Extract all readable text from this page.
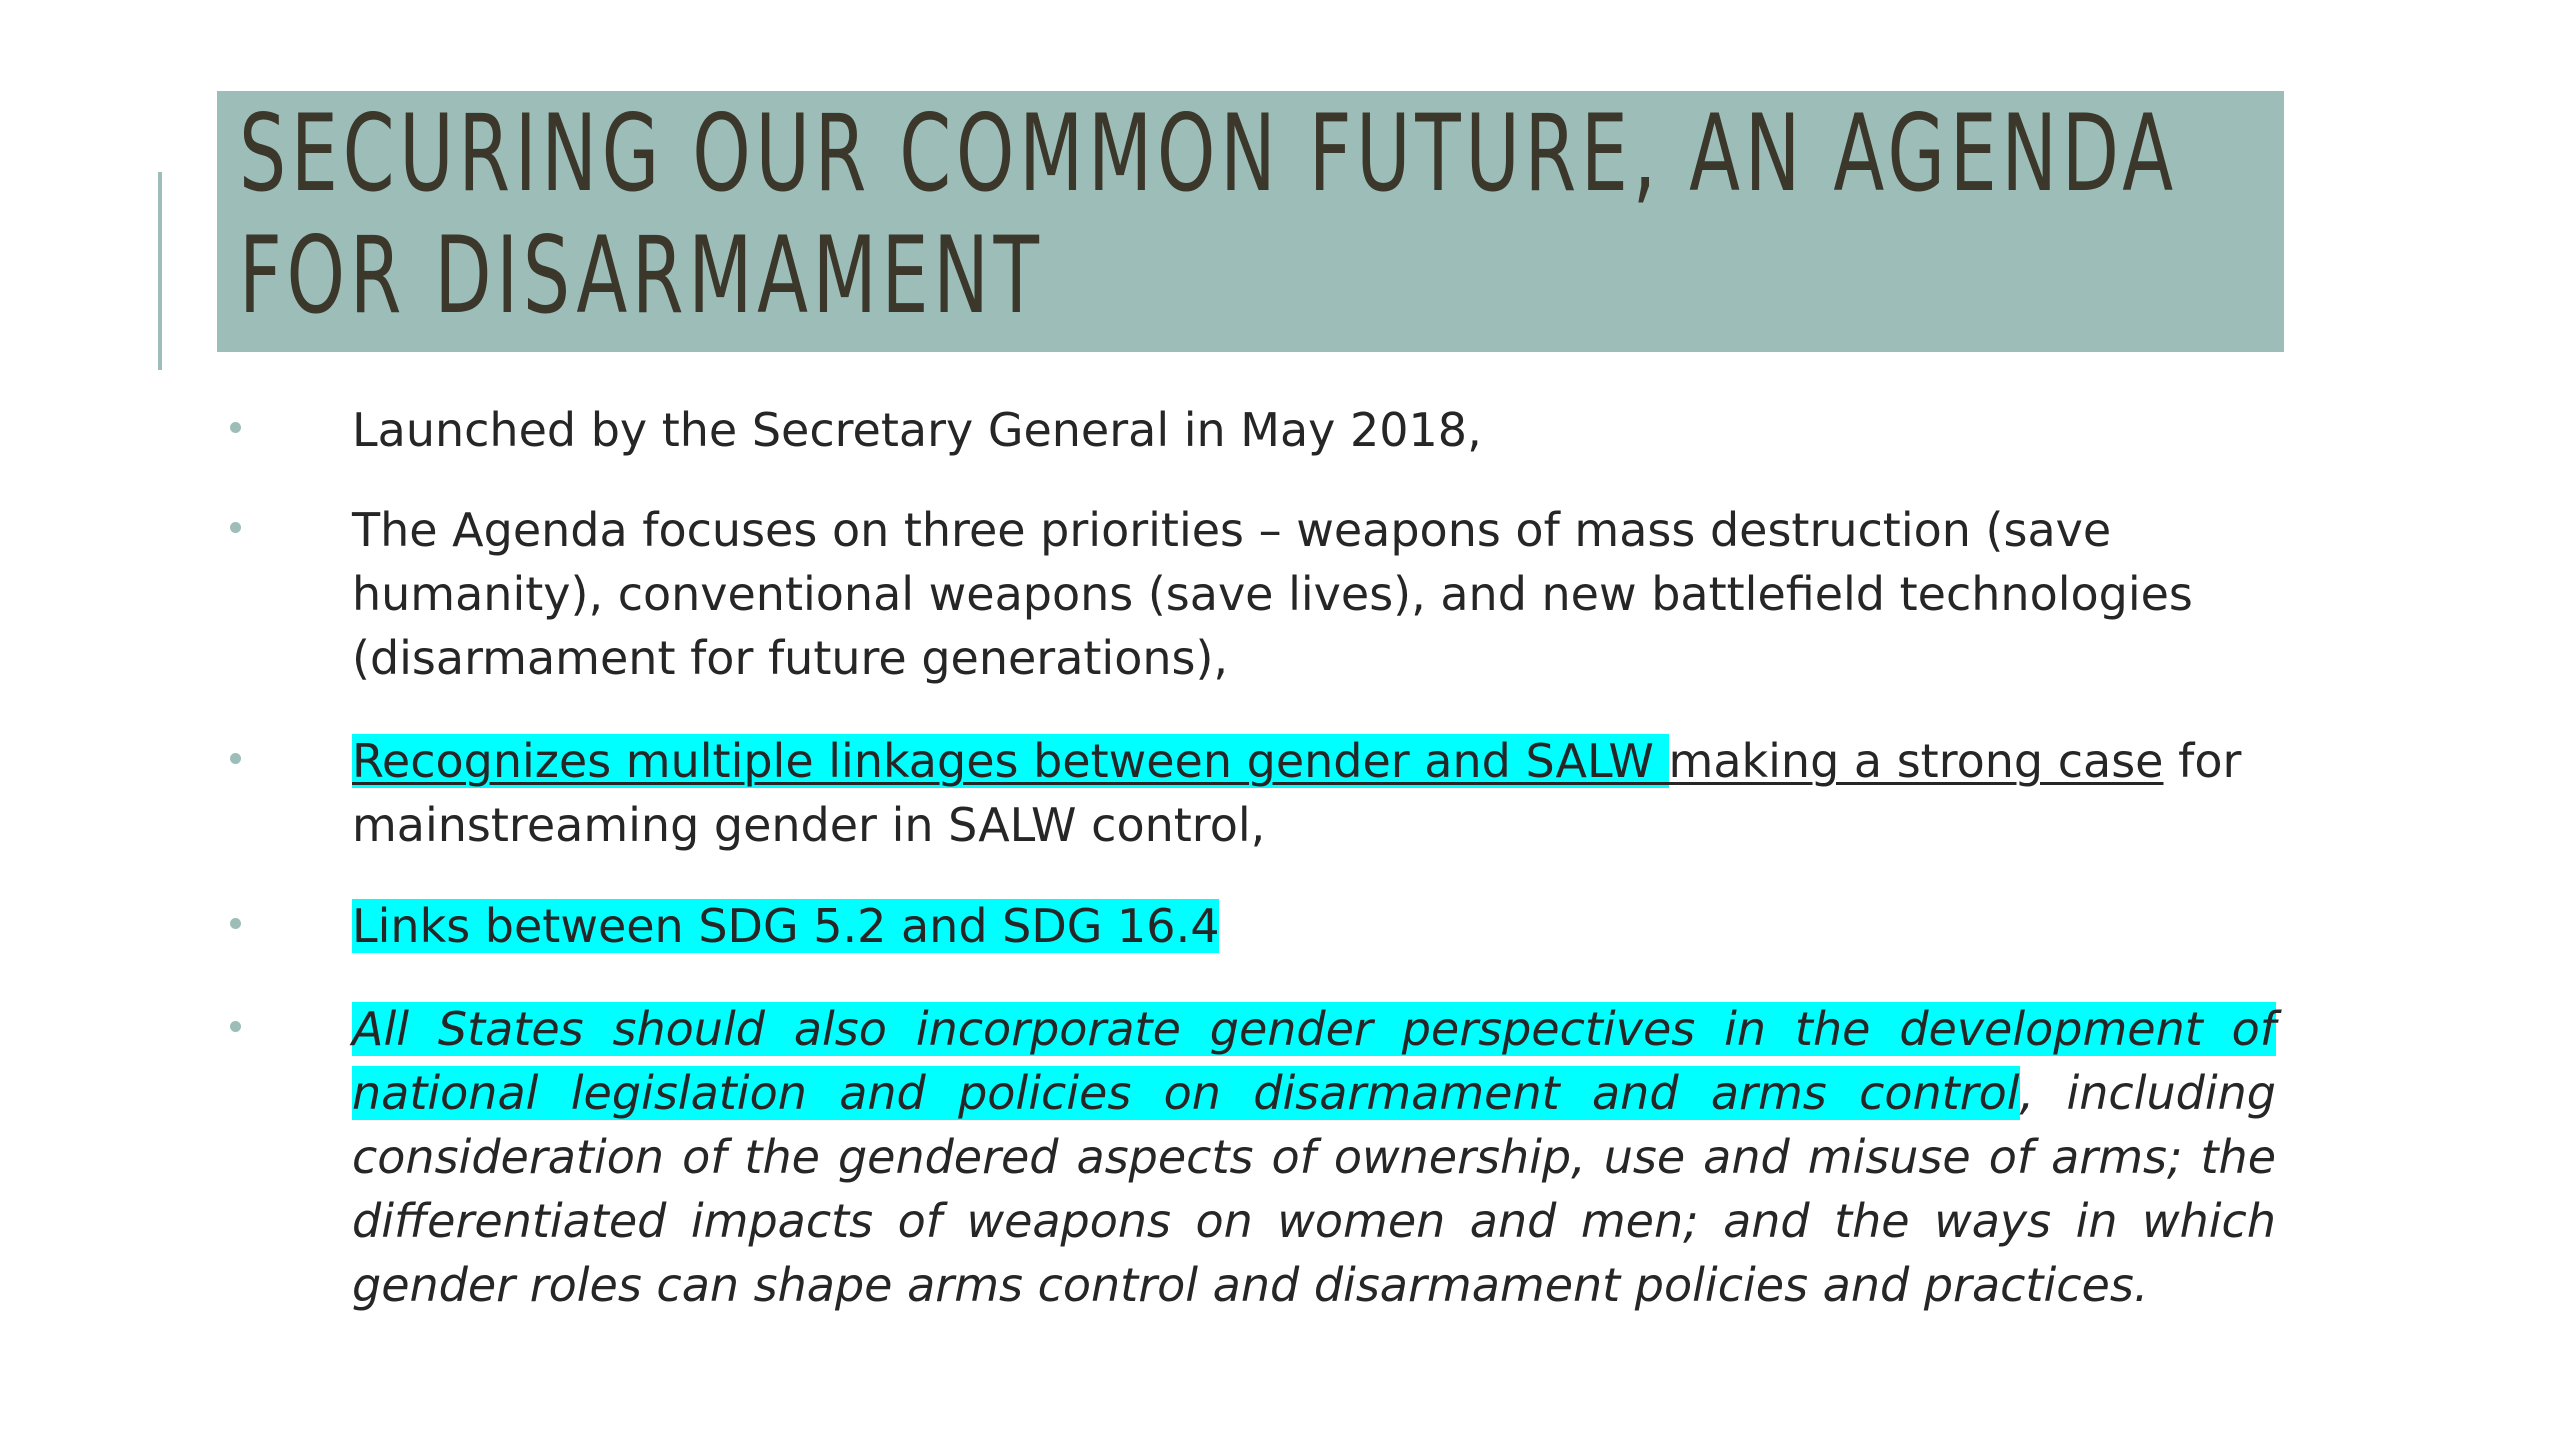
SECURING OUR COMMON FUTURE, AN AGENDA FOR DISARMAMENT
Launched by the Secretary General in May 2018,
The Agenda focuses on three priorities – weapons of mass destruction (save humanity), conventional weapons (save lives), and new battlefield technologies (disarmament for future generations),
Recognizes multiple linkages between gender and SALW making a strong case for mainstreaming gender in SALW control,
Links between SDG 5.2 and SDG 16.4
All States should also incorporate gender perspectives in the development of national legislation and policies on disarmament and arms control, including consideration of the gendered aspects of ownership, use and misuse of arms; the differentiated impacts of weapons on women and men; and the ways in which gender roles can shape arms control and disarmament policies and practices.
